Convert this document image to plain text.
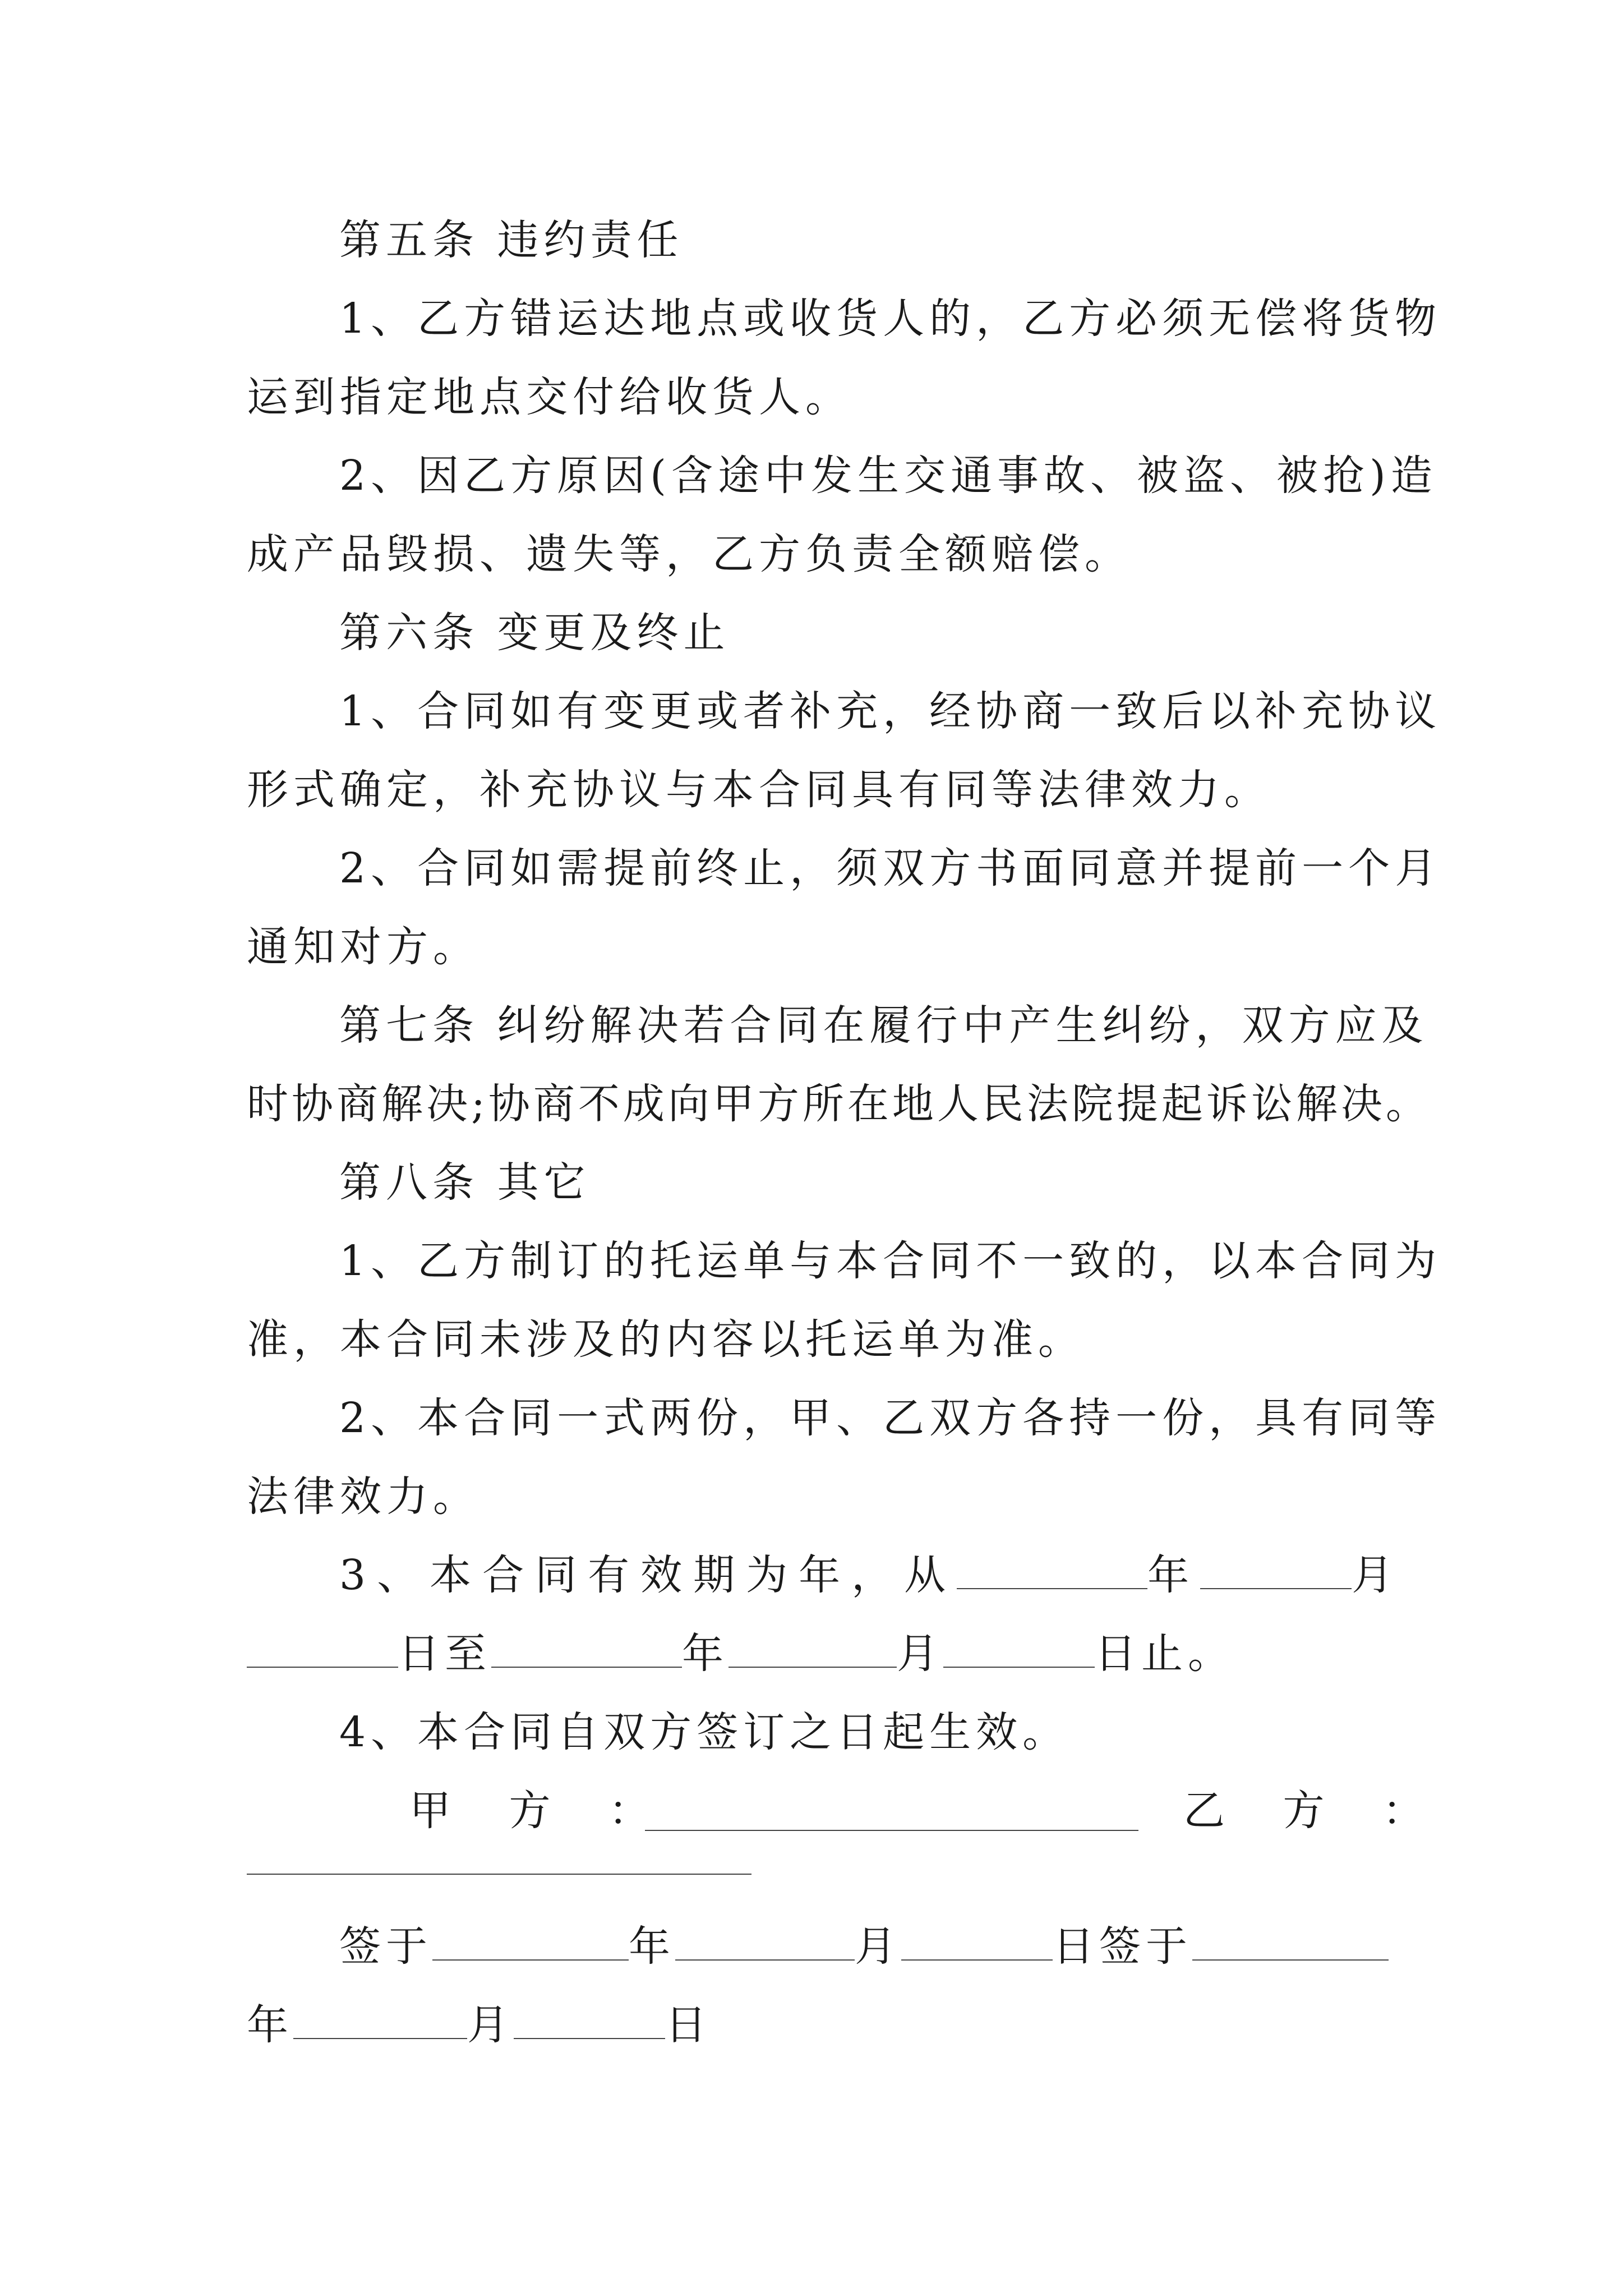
第五条 违约责任
1、乙方错运达地点或收货人的，乙方必须无偿将货物
运到指定地点交付给收货人。
2、因乙方原因(含途中发生交通事故、被盗、被抢)造
成产品毁损、遗失等，乙方负责全额赔偿。
第六条 变更及终止
1、合同如有变更或者补充，经协商一致后以补充协议
形式确定，补充协议与本合同具有同等法律效力。
2、合同如需提前终止，须双方书面同意并提前一个月
通知对方。
第七条 纠纷解决若合同在履行中产生纠纷，双方应及
时协商解决;协商不成向甲方所在地人民法院提起诉讼解决。
第八条 其它
1、乙方制订的托运单与本合同不一致的，以本合同为
准，本合同未涉及的内容以托运单为准。
2、本合同一式两份，甲、乙双方各持一份，具有同等
法律效力。
3、本合同有效期为年，从	年	月
日至	年	月	日止。
4、本合同自双方签订之日起生效。
甲 方 ：	乙 方 ：
签于	年	月	日签于
年	月	日
